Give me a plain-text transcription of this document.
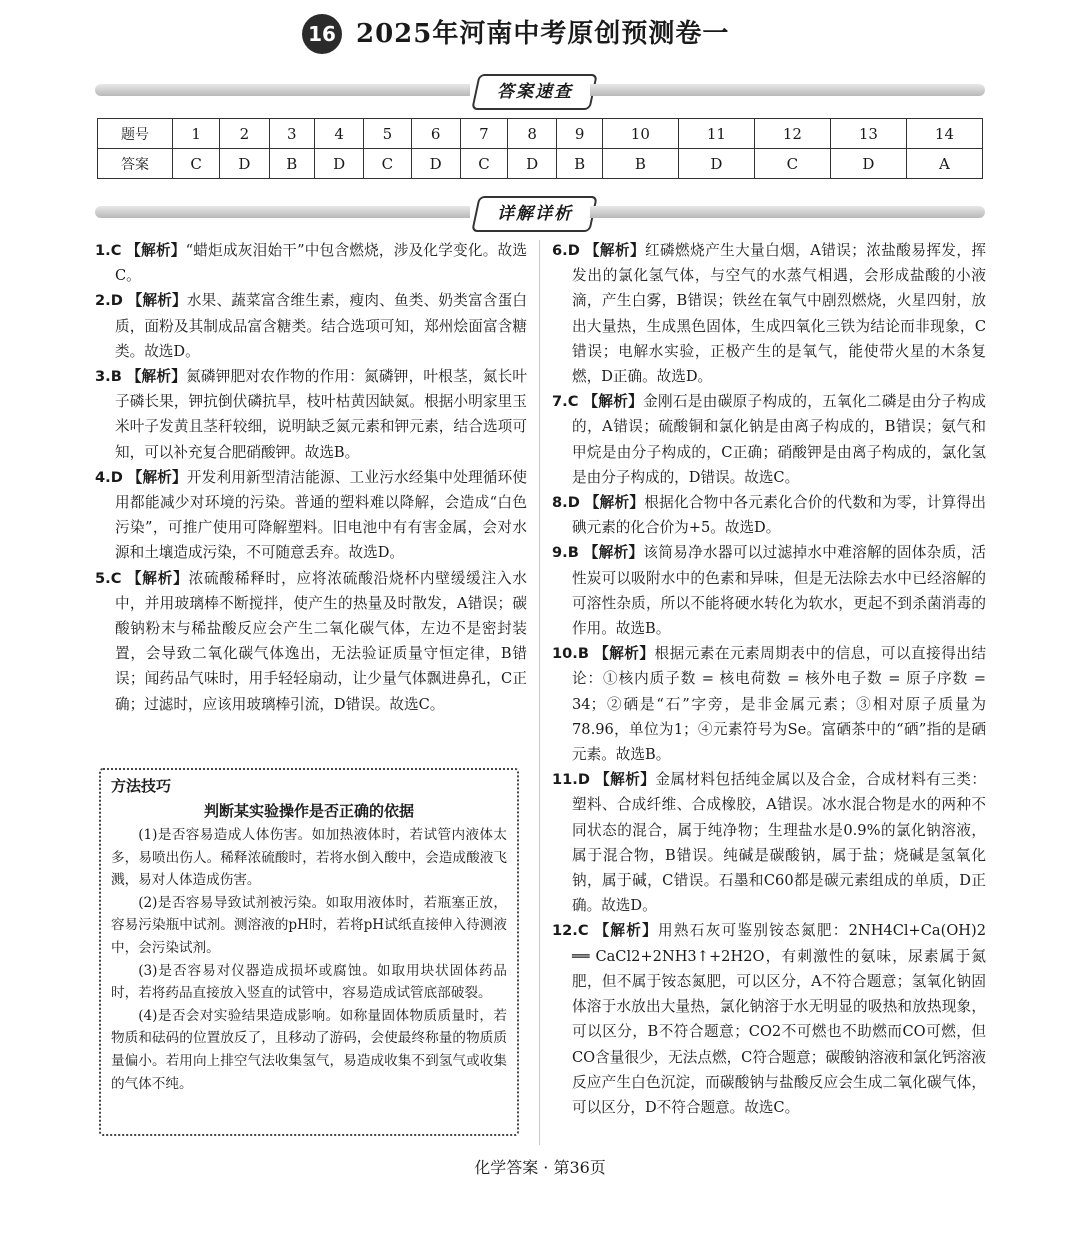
16 2025年河南中考原创预测卷一
答案速查
题号	1	2	3	4	5	6	7	8	9	10	11	12	13	14
答案	C	D	B	D	C	D	C	D	B	B	D	C	D	A
详解详析
1.C 【解析】“蜡炬成灰泪始干”中包含燃烧，涉及化学变化。故选C。
2.D 【解析】水果、蔬菜富含维生素，瘦肉、鱼类、奶类富含蛋白质，面粉及其制成品富含糖类。结合选项可知，郑州烩面富含糖类。故选D。
3.B 【解析】氮磷钾肥对农作物的作用：氮磷钾，叶根茎，氮长叶子磷长果，钾抗倒伏磷抗旱，枝叶枯黄因缺氮。根据小明家里玉米叶子发黄且茎秆较细，说明缺乏氮元素和钾元素，结合选项可知，可以补充复合肥硝酸钾。故选B。
4.D 【解析】开发利用新型清洁能源、工业污水经集中处理循环使用都能减少对环境的污染。普通的塑料难以降解，会造成“白色污染”，可推广使用可降解塑料。旧电池中有有害金属，会对水源和土壤造成污染，不可随意丢弃。故选D。
5.C 【解析】浓硫酸稀释时，应将浓硫酸沿烧杯内壁缓缓注入水中，并用玻璃棒不断搅拌，使产生的热量及时散发，A错误；碳酸钠粉末与稀盐酸反应会产生二氧化碳气体，左边不是密封装置，会导致二氧化碳气体逸出，无法验证质量守恒定律，B错误；闻药品气味时，用手轻轻扇动，让少量气体飘进鼻孔，C正确；过滤时，应该用玻璃棒引流，D错误。故选C。
方法技巧
判断某实验操作是否正确的依据

(1)是否容易造成人体伤害。如加热液体时，若试管内液体太多，易喷出伤人。稀释浓硫酸时，若将水倒入酸中，会造成酸液飞溅，易对人体造成伤害。

(2)是否容易导致试剂被污染。如取用液体时，若瓶塞正放，容易污染瓶中试剂。测溶液的pH时，若将pH试纸直接伸入待测液中，会污染试剂。

(3)是否容易对仪器造成损坏或腐蚀。如取用块状固体药品时，若将药品直接放入竖直的试管中，容易造成试管底部破裂。

(4)是否会对实验结果造成影响。如称量固体物质质量时，若物质和砝码的位置放反了，且移动了游码，会使最终称量的物质质量偏小。若用向上排空气法收集氢气，易造成收集不到氢气或收集的气体不纯。

6.D 【解析】红磷燃烧产生大量白烟，A错误；浓盐酸易挥发，挥发出的氯化氢气体，与空气的水蒸气相遇，会形成盐酸的小液滴，产生白雾，B错误；铁丝在氧气中剧烈燃烧，火星四射，放出大量热，生成黑色固体，生成四氧化三铁为结论而非现象，C错误；电解水实验，正极产生的是氧气，能使带火星的木条复燃，D正确。故选D。
7.C 【解析】金刚石是由碳原子构成的，五氧化二磷是由分子构成的，A错误；硫酸铜和氯化钠是由离子构成的，B错误；氨气和甲烷是由分子构成的，C正确；硝酸钾是由离子构成的，氯化氢是由分子构成的，D错误。故选C。
8.D 【解析】根据化合物中各元素化合价的代数和为零，计算得出碘元素的化合价为+5。故选D。
9.B 【解析】该简易净水器可以过滤掉水中难溶解的固体杂质，活性炭可以吸附水中的色素和异味，但是无法除去水中已经溶解的可溶性杂质，所以不能将硬水转化为软水，更起不到杀菌消毒的作用。故选B。
10.B 【解析】根据元素在元素周期表中的信息，可以直接得出结论：①核内质子数 = 核电荷数 = 核外电子数 = 原子序数 = 34；②硒是“石”字旁，是非金属元素；③相对原子质量为78.96，单位为1；④元素符号为Se。富硒茶中的“硒”指的是硒元素。故选B。
11.D 【解析】金属材料包括纯金属以及合金，合成材料有三类：塑料、合成纤维、合成橡胶，A错误。冰水混合物是水的两种不同状态的混合，属于纯净物；生理盐水是0.9%的氯化钠溶液，属于混合物，B错误。纯碱是碳酸钠，属于盐；烧碱是氢氧化钠，属于碱，C错误。石墨和C60都是碳元素组成的单质，D正确。故选D。
12.C 【解析】用熟石灰可鉴别铵态氮肥：2NH4Cl+Ca(OH)2 ══ CaCl2+2NH3↑+2H2O，有刺激性的氨味，尿素属于氮肥，但不属于铵态氮肥，可以区分，A不符合题意；氢氧化钠固体溶于水放出大量热，氯化钠溶于水无明显的吸热和放热现象，可以区分，B不符合题意；CO2不可燃也不助燃而CO可燃，但CO含量很少，无法点燃，C符合题意；碳酸钠溶液和氯化钙溶液反应产生白色沉淀，而碳酸钠与盐酸反应会生成二氧化碳气体，可以区分，D不符合题意。故选C。
化学答案 · 第36页
